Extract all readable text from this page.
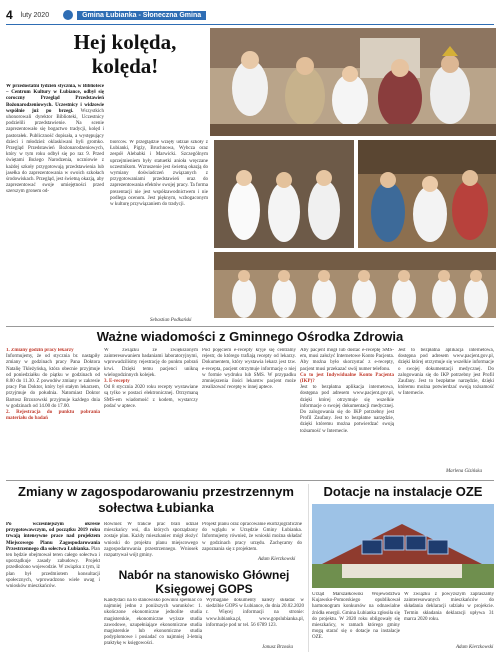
4 luty 2020	Gmina Łubianka - Słoneczna Gmina
Hej kolęda, kolęda!
W przedostatni tydzień stycznia, w Bibliotece – Centrum Kultury w Łubiance, odbył się coroczny Przegląd Przedstawień Bożonarodzeniowych. Uczestnicy i widzowie wspólnie już po brzegi. Wszystkich uhonorowali dyrektor Biblioteki, Uczestnicy podzielili przedstawienie. Na scenie zaprezentowało się bogactwo tradycji, kolęd i pastorałek. Publiczność dopisała, a występujący dzieci i młodzież oklaskiwani byli gromko. Przegląd Przedstawień Bożonarodzeniowych, który w tym roku odbył się po raz 9. Przed świętami Bożego Narodzenia, uczniowie z każdej szkoły przygotowują przedstawienia lub jasełka do zaprezentowania w swoich szkołach środowiskach. Przegląd, jest świetną okazją, aby zaprezentować swoje umiejętności przed szerszym gronem od-
biorców. W przeglądzie wzięły udział szkoły z Łubianki, Pigży, Bruchnowa, Wybcza oraz zespół Alebabki i Marwicki. Szczególnym uprzejmieniem były statuetki anioła wręczane uczestnikom. Wzruszenie jest świetną okazją do wymiany doświadczeń związanych z przygotowaniami przedstawień oraz do zaprezentowania efektów swojej pracy. Ta forma prezentacji nie jest współzawodnictwem i nie podlega ocenom. Jest pięknym, wzbogaconym w kulturę przywiązaniem do tradycji.
Sebastian Podkański
Ważne wiadomości z Gminnego Ośrodka Zdrowia
1. Zmiany godzin pracy lekarzy
Informujemy, że od stycznia br. nastąpiły zmiany w godzinach pracy Pana Doktora Natalię Tkleżyńską, która obecnie przyjmuje od poniedziałku do piątku w godzinach od 8.00 do 11.30. Z powodów zmiany w zakresie pracy Pan Doktor, który był stałym lekarzem, przyjmuje do południa. Natomiast Doktor Bartosz Brzozowski przyjmuje każdego dnia w godzinach od 14.00 do 17.00.
2. Rejestracja do punktu pobrania materiału do badań
W związku ze zwiększonym zainteresowaniem badaniami laboratoryjnymi, wprowadziliśmy rejestrację do punktu pobrań krwi. Dzięki temu pacjenci unikną wielogodzinnych kolejek.
3. E-recepty
Od 8 stycznia 2020 roku recepty wystawiane są tylko w postaci elektronicznej. Otrzymaną SMS-em wiadomość z kodem, wystarczy podać w aptece.
Pod pojęciem e-recepty kryje się centralny rejestr, do którego trafiają recepty od lekarzy. Dokumentem, który wystawia lekarz jest tzw. e-recepta, pacjent otrzymuje informację o niej w formie wydruku lub SMS. W przypadku zmniejszenia ilości lekarstw pacjent może zrealizować receptę w innej aptece.
Aby pacjent mógł lub dostać e-receptę SMS-em, musi założyć Internetowe Konto Pacjenta. Aby można było skorzystać z e-recepty, pacjent musi przekazać swój numer telefonu.
Co to jest Indywidualne Konto Pacjenta (IKP)?
Jest to bezpłatna aplikacja internetowa, dostępna pod adresem www.pacjent.gov.pl, dzięki której otrzymuje się wszelkie informacje o swojej dokumentacji medycznej. Do zalogowania się do IKP potrzebny jest Profil Zaufany. Jest to bezpłatne narzędzie, dzięki któremu można potwierdzać swoją tożsamość w Internecie.
Jest to bezpłatna aplikacja internetowa, dostępna pod adresem www.pacjent.gov.pl, dzięki której otrzymuje się wszelkie informacje o swojej dokumentacji medycznej. Do zalogowania się do IKP potrzebny jest Profil Zaufany. Jest to bezpłatne narzędzie, dzięki któremu można potwierdzać swoją tożsamość w Internecie.
Marlena Gizińska
Zmiany w zagospodarowaniu przestrzennym sołectwa Łubianka
Po wcześniejszym okresie przygotowawczym, od początku 2019 roku trwają intensywne prace nad projektem Miejscowego Planu Zagospodarowania Przestrzennego dla sołectwa Łubianka. Plan ten będzie obejmował teren całego sołectwa i uporządkuje zasady zabudowy. Projekt przedłożono wojewodzie. W związku z tym, iż plan był przedmiotem konsultacji społecznych, wprowadzono wiele uwag i wniosków mieszkańców.
Również W trakcie prac brali udział mieszkańcy wsi, dla których sporządzony zostaje plan. Każdy mieszkaniec mógł złożyć wnioski do projektu planu miejscowego zagospodarowania przestrzennego. Wniosek rozpatrywał wójt gminy.
Projekt planu oraz opracowanie ekofizjograficzne do wglądu w Urzędzie Gminy Łubianka. Informujemy również, że wnioski można składać w godzinach pracy urzędu. Zachęcamy do zapoznania się z projektem.
Adam Kierzkowski
Nabór na stanowisko Głównej Księgowej GOPS
Kandydaci na to stanowisko powinni spełniać co najmniej jedno z poniższych warunków: 1. ukończone ekonomiczne jednolite studia magisterskie, ekonomiczne wyższe studia zawodowe, uzupełniające ekonomiczne studia magisterskie lub ekonomiczne studia podyplomowe i posiadać co najmniej 3-letnią praktykę w księgowości.
Wymagane dokumenty należy składać w siedzibie GOPS w Łubiance, do dnia 20.02.2020 r. Więcej informacji na stronie: www.lubianka.pl, www.gopslubianka.pl, informacje pod nr tel. 56 6789 123.
Janusz Brzoska
Dotacje na instalacje OZE
Urząd Marszałkowski Województwa Kujawsko-Pomorskiego opublikował harmonogram konkursów na odnawialne źródła energii. Gmina Łubianka zgłosiła się do projektu. W 2020 roku obligowały się mieszkańcy, w ramach którego gminy mogą starać się o dotacje na instalacje OZE.
W związku z powyższym zapraszamy zainteresowanych mieszkańców do składania deklaracji udziału w projekcie. Termin składania deklaracji upływa 31 marca 2020 roku.
Adam Kierzkowski
